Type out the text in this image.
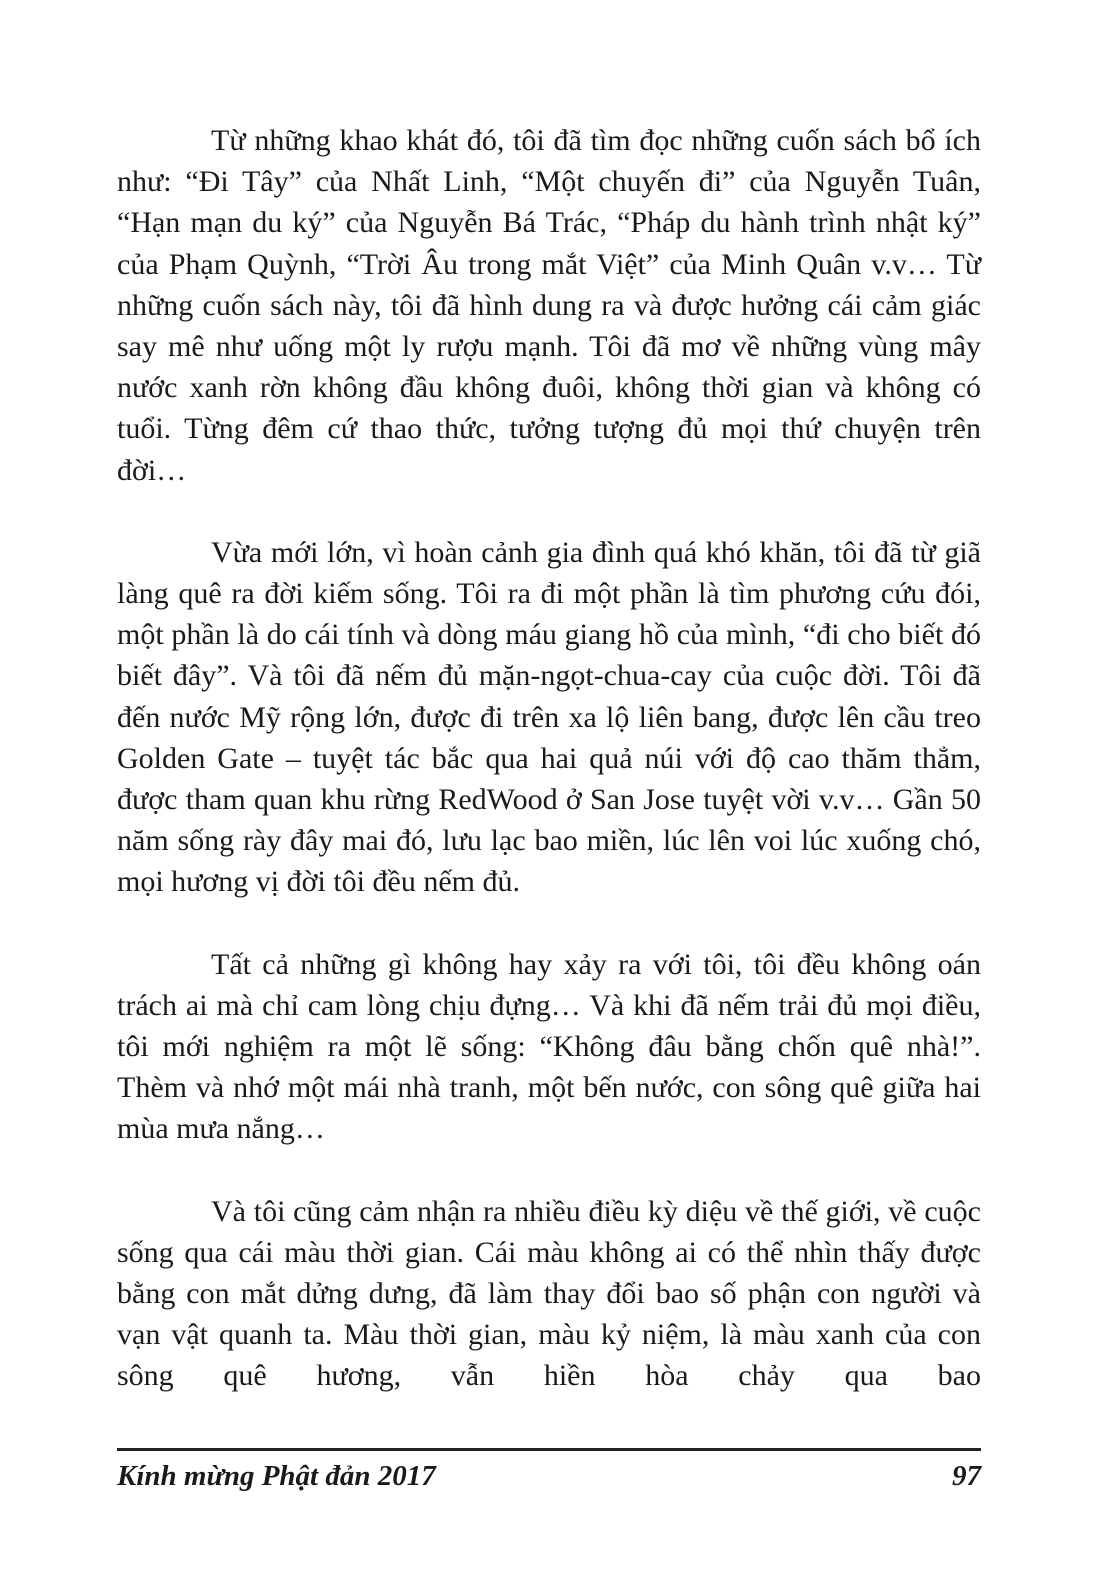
Từ những khao khát đó, tôi đã tìm đọc những cuốn sách bổ ích như: “Đi Tây” của Nhất Linh, “Một chuyến đi” của Nguyễn Tuân, “Hạn mạn du ký” của Nguyễn Bá Trác, “Pháp du hành trình nhật ký” của Phạm Quỳnh, “Trời Âu trong mắt Việt” của Minh Quân v.v… Từ những cuốn sách này, tôi đã hình dung ra và được hưởng cái cảm giác say mê như uống một ly rượu mạnh. Tôi đã mơ về những vùng mây nước xanh rờn không đầu không đuôi, không thời gian và không có tuổi. Từng đêm cứ thao thức, tưởng tượng đủ mọi thứ chuyện trên đời…

Vừa mới lớn, vì hoàn cảnh gia đình quá khó khăn, tôi đã từ giã làng quê ra đời kiếm sống. Tôi ra đi một phần là tìm phương cứu đói, một phần là do cái tính và dòng máu giang hồ của mình, “đi cho biết đó biết đây”. Và tôi đã nếm đủ mặn-ngọt-chua-cay của cuộc đời. Tôi đã đến nước Mỹ rộng lớn, được đi trên xa lộ liên bang, được lên cầu treo Golden Gate – tuyệt tác bắc qua hai quả núi với độ cao thăm thẳm, được tham quan khu rừng RedWood ở San Jose tuyệt vời v.v… Gần 50 năm sống rày đây mai đó, lưu lạc bao miền, lúc lên voi lúc xuống chó, mọi hương vị đời tôi đều nếm đủ.

Tất cả những gì không hay xảy ra với tôi, tôi đều không oán trách ai mà chỉ cam lòng chịu đựng… Và khi đã nếm trải đủ mọi điều, tôi mới nghiệm ra một lẽ sống: “Không đâu bằng chốn quê nhà!”. Thèm và nhớ một mái nhà tranh, một bến nước, con sông quê giữa hai mùa mưa nắng…

Và tôi cũng cảm nhận ra nhiều điều kỳ diệu về thế giới, về cuộc sống qua cái màu thời gian. Cái màu không ai có thể nhìn thấy được bằng con mắt dửng dưng, đã làm thay đổi bao số phận con người và vạn vật quanh ta. Màu thời gian, màu kỷ niệm, là màu xanh của con sông quê hương, vẫn hiền hòa chảy qua bao

Kính mừng Phật đản 2017	97
